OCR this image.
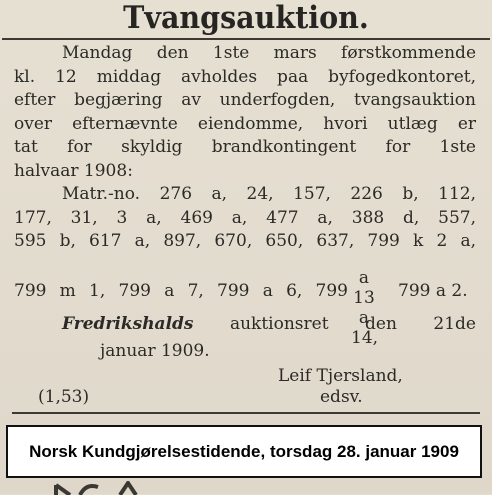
Tvangsauktion.
Mandag den 1ste mars førstkommende
kl. 12 middag avholdes paa byfogedkontoret,
efter begjæring av underfogden, tvangsauktion
over efternævnte eiendomme, hvori utlæg er
tat for skyldig brandkontingent for 1ste
halvaar 1908:
Matr.-no. 276 a, 24, 157, 226 b, 112,
177, 31, 3 a, 469 a, 477 a, 388 d, 557,
595 b, 617 a, 897, 670, 650, 637, 799 k 2 a,
799 m 1, 799 a 7, 799 a 6, 799
a 13
a 14,
799 a 2.
Fredrikshalds auktionsret den 21de
januar 1909.
Leif Tjersland,
(1,53)	edsv.
Norsk Kundgjørelsestidende, torsdag 28. januar 1909
